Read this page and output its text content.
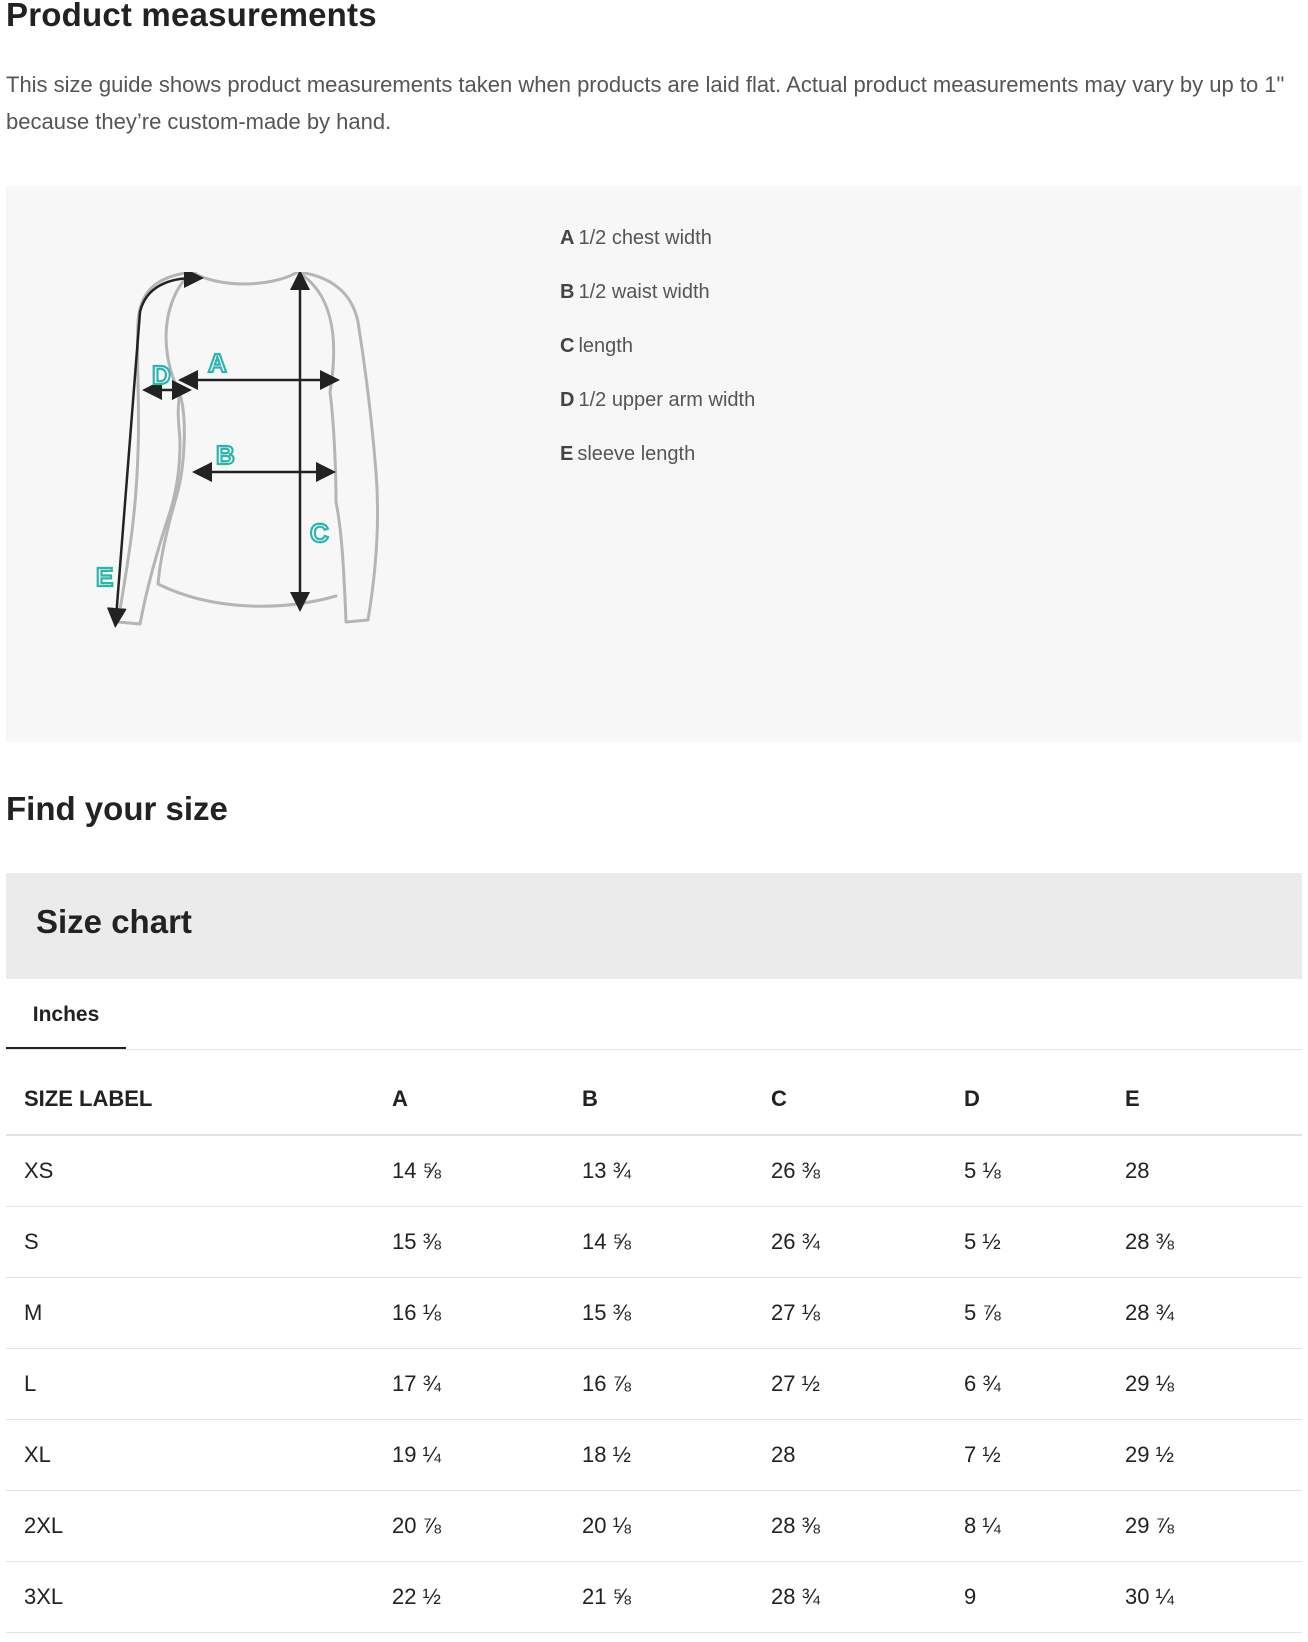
Product measurements

This size guide shows product measurements taken when products are laid flat. Actual product measurements may vary by up to 1" because they’re custom-made by hand.

A
B
C
D
E
A 1/2 chest width
B 1/2 waist width
C length
D 1/2 upper arm width
E sleeve length
Find your size
Size chart
Inches
SIZE LABEL	A	B	C	D	E
XS	14 ⅝	13 ¾	26 ⅜	5 ⅛	28
S	15 ⅜	14 ⅝	26 ¾	5 ½	28 ⅜
M	16 ⅛	15 ⅜	27 ⅛	5 ⅞	28 ¾
L	17 ¾	16 ⅞	27 ½	6 ¾	29 ⅛
XL	19 ¼	18 ½	28	7 ½	29 ½
2XL	20 ⅞	20 ⅛	28 ⅜	8 ¼	29 ⅞
3XL	22 ½	21 ⅝	28 ¾	9	30 ¼
